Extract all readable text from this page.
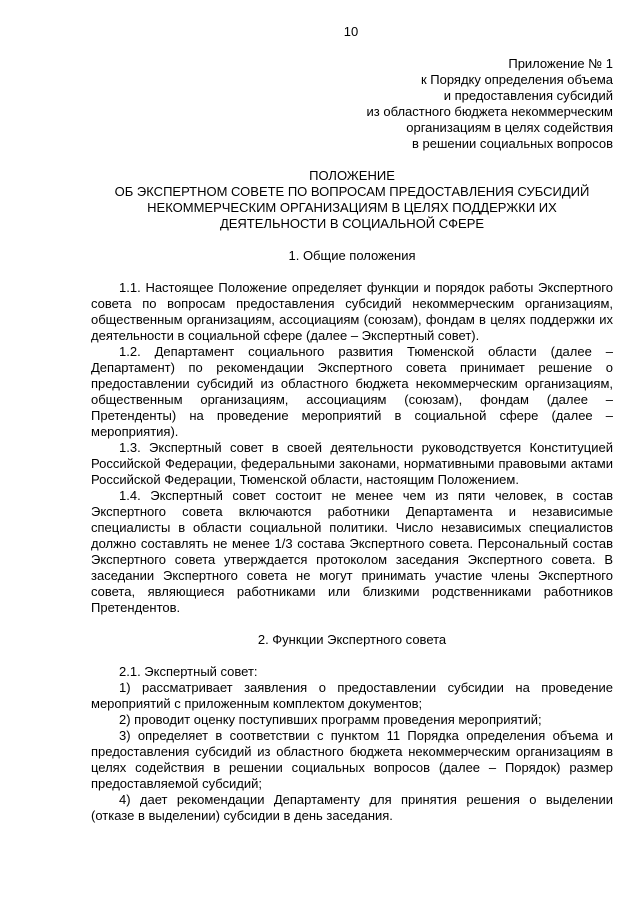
10
Приложение № 1
к Порядку определения объема
и предоставления субсидий
из областного бюджета некоммерческим
организациям в целях содействия
в решении социальных вопросов
ПОЛОЖЕНИЕ
ОБ ЭКСПЕРТНОМ СОВЕТЕ ПО ВОПРОСАМ ПРЕДОСТАВЛЕНИЯ СУБСИДИЙ
НЕКОММЕРЧЕСКИМ ОРГАНИЗАЦИЯМ В ЦЕЛЯХ ПОДДЕРЖКИ ИХ
ДЕЯТЕЛЬНОСТИ В СОЦИАЛЬНОЙ СФЕРЕ
1. Общие положения

1.1. Настоящее Положение определяет функции и порядок работы Экспертного совета по вопросам предоставления субсидий некоммерческим организациям, общественным организациям, ассоциациям (союзам), фондам в целях поддержки их деятельности в социальной сфере (далее – Экспертный совет).

1.2. Департамент социального развития Тюменской области (далее – Департамент) по рекомендации Экспертного совета принимает решение о предоставлении субсидий из областного бюджета некоммерческим организациям, общественным организациям, ассоциациям (союзам), фондам (далее – Претенденты) на проведение мероприятий в социальной сфере (далее – мероприятия).

1.3. Экспертный совет в своей деятельности руководствуется Конституцией Российской Федерации, федеральными законами, нормативными правовыми актами Российской Федерации, Тюменской области, настоящим Положением.

1.4. Экспертный совет состоит не менее чем из пяти человек, в состав Экспертного совета включаются работники Департамента и независимые специалисты в области социальной политики. Число независимых специалистов должно составлять не менее 1/3 состава Экспертного совета. Персональный состав Экспертного совета утверждается протоколом заседания Экспертного совета. В заседании Экспертного совета не могут принимать участие члены Экспертного совета, являющиеся работниками или близкими родственниками работников Претендентов.

2. Функции Экспертного совета

2.1. Экспертный совет:

1) рассматривает заявления о предоставлении субсидии на проведение мероприятий с приложенным комплектом документов;

2) проводит оценку поступивших программ проведения мероприятий;

3) определяет в соответствии с пунктом 11 Порядка определения объема и предоставления субсидий из областного бюджета некоммерческим организациям в целях содействия в решении социальных вопросов (далее – Порядок) размер предоставляемой субсидий;

4) дает рекомендации Департаменту для принятия решения о выделении (отказе в выделении) субсидии в день заседания.
